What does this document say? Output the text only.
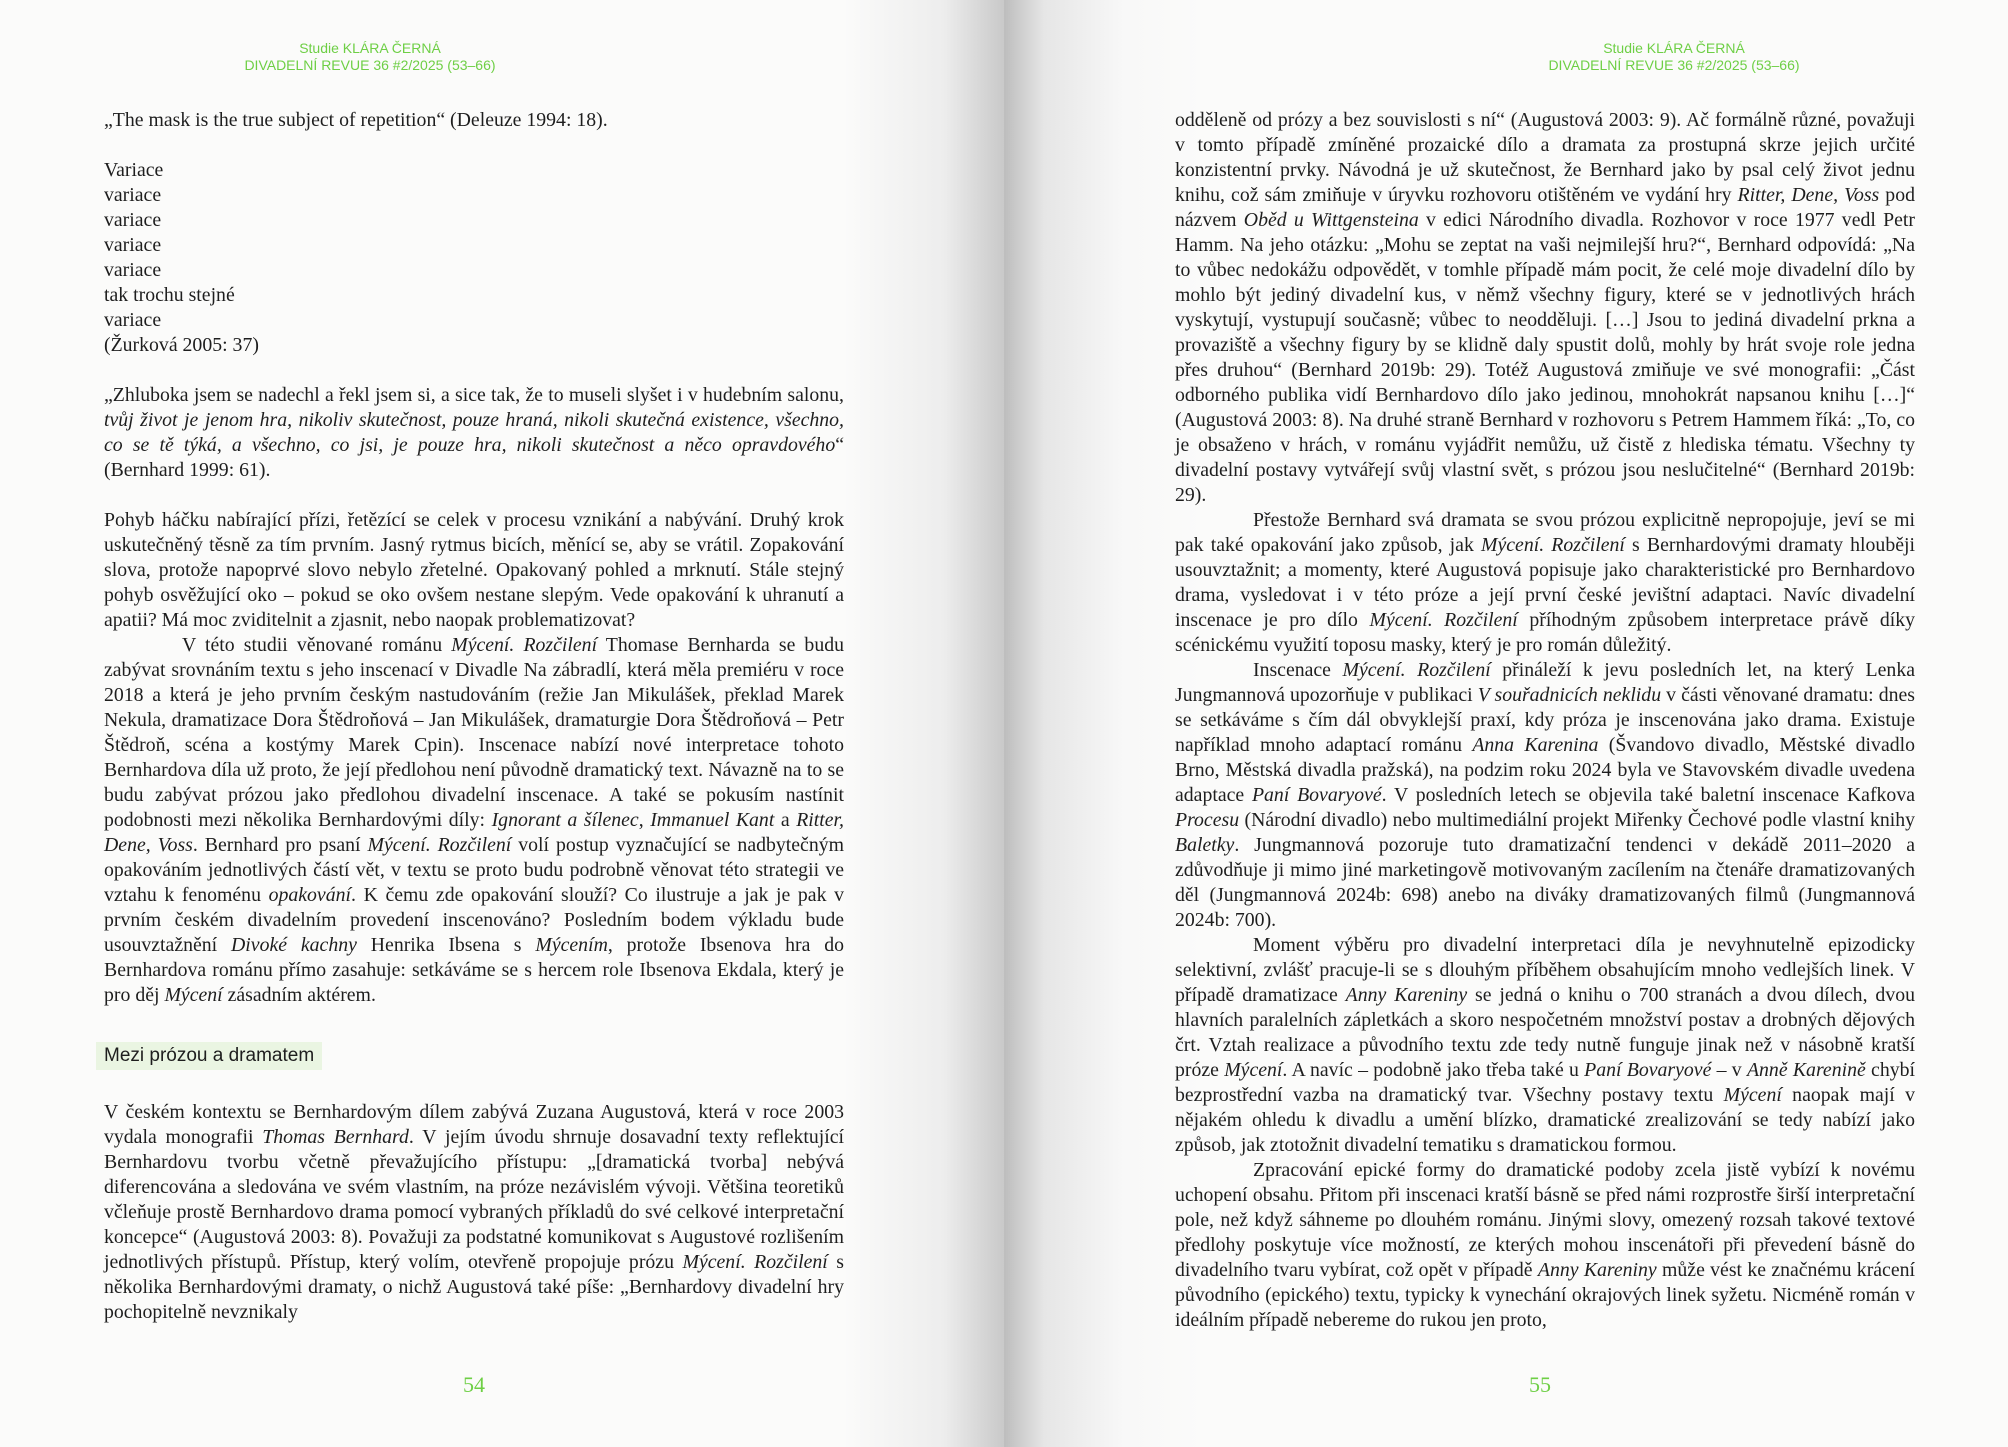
Studie KLÁRA ČERNÁ
DIVADELNÍ REVUE 36 #2/2025 (53–66)

„The mask is the true subject of repetition“ (Deleuze 1994: 18).

Variace
variace
variace
variace
variace
tak trochu stejné
variace
(Žurková 2005: 37)

„Zhluboka jsem se nadechl a řekl jsem si, a sice tak, že to museli slyšet i v hudebním salonu, tvůj život je jenom hra, nikoliv skutečnost, pouze hraná, nikoli skutečná existence, všechno, co se tě týká, a všechno, co jsi, je pouze hra, nikoli skutečnost a něco opravdového“ (Bernhard 1999: 61).

Pohyb háčku nabírající přízi, řetězící se celek v procesu vznikání a nabývání. Druhý krok uskutečněný těsně za tím prvním. Jasný rytmus bicích, měnící se, aby se vrátil. Zopakování slova, protože napoprvé slovo nebylo zřetelné. Opakovaný pohled a mrknutí. Stále stejný pohyb osvěžující oko – pokud se oko ovšem nestane slepým. Vede opakování k uhranutí a apatii? Má moc zviditelnit a zjasnit, nebo naopak problematizovat?

V této studii věnované románu Mýcení. Rozčilení Thomase Bernharda se budu zabývat srovnáním textu s jeho inscenací v Divadle Na zábradlí, která měla premiéru v roce 2018 a která je jeho prvním českým nastudováním (režie Jan Mikulášek, překlad Marek Nekula, dramatizace Dora Štědroňová – Jan Mikulášek, dramaturgie Dora Štědroňová – Petr Štědroň, scéna a kostýmy Marek Cpin). Inscenace nabízí nové interpretace tohoto Bernhardova díla už proto, že její předlohou není původně dramatický text. Návazně na to se budu zabývat prózou jako předlohou divadelní inscenace. A také se pokusím nastínit podobnosti mezi několika Bernhardovými díly: Ignorant a šílenec, Immanuel Kant a Ritter, Dene, Voss. Bernhard pro psaní Mýcení. Rozčilení volí postup vyznačující se nadbytečným opakováním jednotlivých částí vět, v textu se proto budu podrobně věnovat této strategii ve vztahu k fenoménu opakování. K čemu zde opakování slouží? Co ilustruje a jak je pak v prvním českém divadelním provedení inscenováno? Posledním bodem výkladu bude usouvztažnění Divoké kachny Henrika Ibsena s Mýcením, protože Ibsenova hra do Bernhardova románu přímo zasahuje: setkáváme se s hercem role Ibsenova Ekdala, který je pro děj Mýcení zásadním aktérem.

Mezi prózou a dramatem

V českém kontextu se Bernhardovým dílem zabývá Zuzana Augustová, která v roce 2003 vydala monografii Thomas Bernhard. V jejím úvodu shrnuje dosavadní texty reflektující Bernhardovu tvorbu včetně převažujícího přístupu: „[dramatická tvorba] nebývá diferencována a sledována ve svém vlastním, na próze nezávislém vývoji. Většina teoretiků včleňuje prostě Bernhardovo drama pomocí vybraných příkladů do své celkové interpretační koncepce“ (Augustová 2003: 8). Považuji za podstatné komunikovat s Augustové rozlišením jednotlivých přístupů. Přístup, který volím, otevřeně propojuje prózu Mýcení. Rozčilení s několika Bernhardovými dramaty, o nichž Augustová také píše: „Bernhardovy divadelní hry pochopitelně nevznikaly

54
Studie KLÁRA ČERNÁ
DIVADELNÍ REVUE 36 #2/2025 (53–66)

odděleně od prózy a bez souvislosti s ní“ (Augustová 2003: 9). Ač formálně různé, považuji v tomto případě zmíněné prozaické dílo a dramata za prostupná skrze jejich určité konzistentní prvky. Návodná je už skutečnost, že Bernhard jako by psal celý život jednu knihu, což sám zmiňuje v úryvku rozhovoru otištěném ve vydání hry Ritter, Dene, Voss pod názvem Oběd u Wittgensteina v edici Národního divadla. Rozhovor v roce 1977 vedl Petr Hamm. Na jeho otázku: „Mohu se zeptat na vaši nejmilejší hru?“, Bernhard odpovídá: „Na to vůbec nedokážu odpovědět, v tomhle případě mám pocit, že celé moje divadelní dílo by mohlo být jediný divadelní kus, v němž všechny figury, které se v jednotlivých hrách vyskytují, vystupují současně; vůbec to neodděluji. […] Jsou to jediná divadelní prkna a provaziště a všechny figury by se klidně daly spustit dolů, mohly by hrát svoje role jedna přes druhou“ (Bernhard 2019b: 29). Totéž Augustová zmiňuje ve své monografii: „Část odborného publika vidí Bernhardovo dílo jako jedinou, mnohokrát napsanou knihu […]“ (Augustová 2003: 8). Na druhé straně Bernhard v rozhovoru s Petrem Hammem říká: „To, co je obsaženo v hrách, v románu vyjádřit nemůžu, už čistě z hlediska tématu. Všechny ty divadelní postavy vytvářejí svůj vlastní svět, s prózou jsou neslučitelné“ (Bernhard 2019b: 29).

Přestože Bernhard svá dramata se svou prózou explicitně nepropojuje, jeví se mi pak také opakování jako způsob, jak Mýcení. Rozčilení s Bernhardovými dramaty hlouběji usouvztažnit; a momenty, které Augustová popisuje jako charakteristické pro Bernhardovo drama, vysledovat i v této próze a její první české jevištní adaptaci. Navíc divadelní inscenace je pro dílo Mýcení. Rozčilení příhodným způsobem interpretace právě díky scénickému využití toposu masky, který je pro román důležitý.

Inscenace Mýcení. Rozčilení přináleží k jevu posledních let, na který Lenka Jungmannová upozorňuje v publikaci V souřadnicích neklidu v části věnované dramatu: dnes se setkáváme s čím dál obvyklejší praxí, kdy próza je inscenována jako drama. Existuje například mnoho adaptací románu Anna Karenina (Švandovo divadlo, Městské divadlo Brno, Městská divadla pražská), na podzim roku 2024 byla ve Stavovském divadle uvedena adaptace Paní Bovaryové. V posledních letech se objevila také baletní inscenace Kafkova Procesu (Národní divadlo) nebo multimediální projekt Miřenky Čechové podle vlastní knihy Baletky. Jungmannová pozoruje tuto dramatizační tendenci v dekádě 2011–2020 a zdůvodňuje ji mimo jiné marketingově motivovaným zacílením na čtenáře dramatizovaných děl (Jungmannová 2024b: 698) anebo na diváky dramatizovaných filmů (Jungmannová 2024b: 700).

Moment výběru pro divadelní interpretaci díla je nevyhnutelně epizodicky selektivní, zvlášť pracuje-li se s dlouhým příběhem obsahujícím mnoho vedlejších linek. V případě dramatizace Anny Kareniny se jedná o knihu o 700 stranách a dvou dílech, dvou hlavních paralelních zápletkách a skoro nespočetném množství postav a drobných dějových črt. Vztah realizace a původního textu zde tedy nutně funguje jinak než v násobně kratší próze Mýcení. A navíc – podobně jako třeba také u Paní Bovaryové – v Anně Karenině chybí bezprostřední vazba na dramatický tvar. Všechny postavy textu Mýcení naopak mají v nějakém ohledu k divadlu a umění blízko, dramatické zrealizování se tedy nabízí jako způsob, jak ztotožnit divadelní tematiku s dramatickou formou.

Zpracování epické formy do dramatické podoby zcela jistě vybízí k novému uchopení obsahu. Přitom při inscenaci kratší básně se před námi rozprostře širší interpretační pole, než když sáhneme po dlouhém románu. Jinými slovy, omezený rozsah takové textové předlohy poskytuje více možností, ze kterých mohou inscenátoři při převedení básně do divadelního tvaru vybírat, což opět v případě Anny Kareniny může vést ke značnému krácení původního (epického) textu, typicky k vynechání okrajových linek syžetu. Nicméně román v ideálním případě nebereme do rukou jen proto,

55
